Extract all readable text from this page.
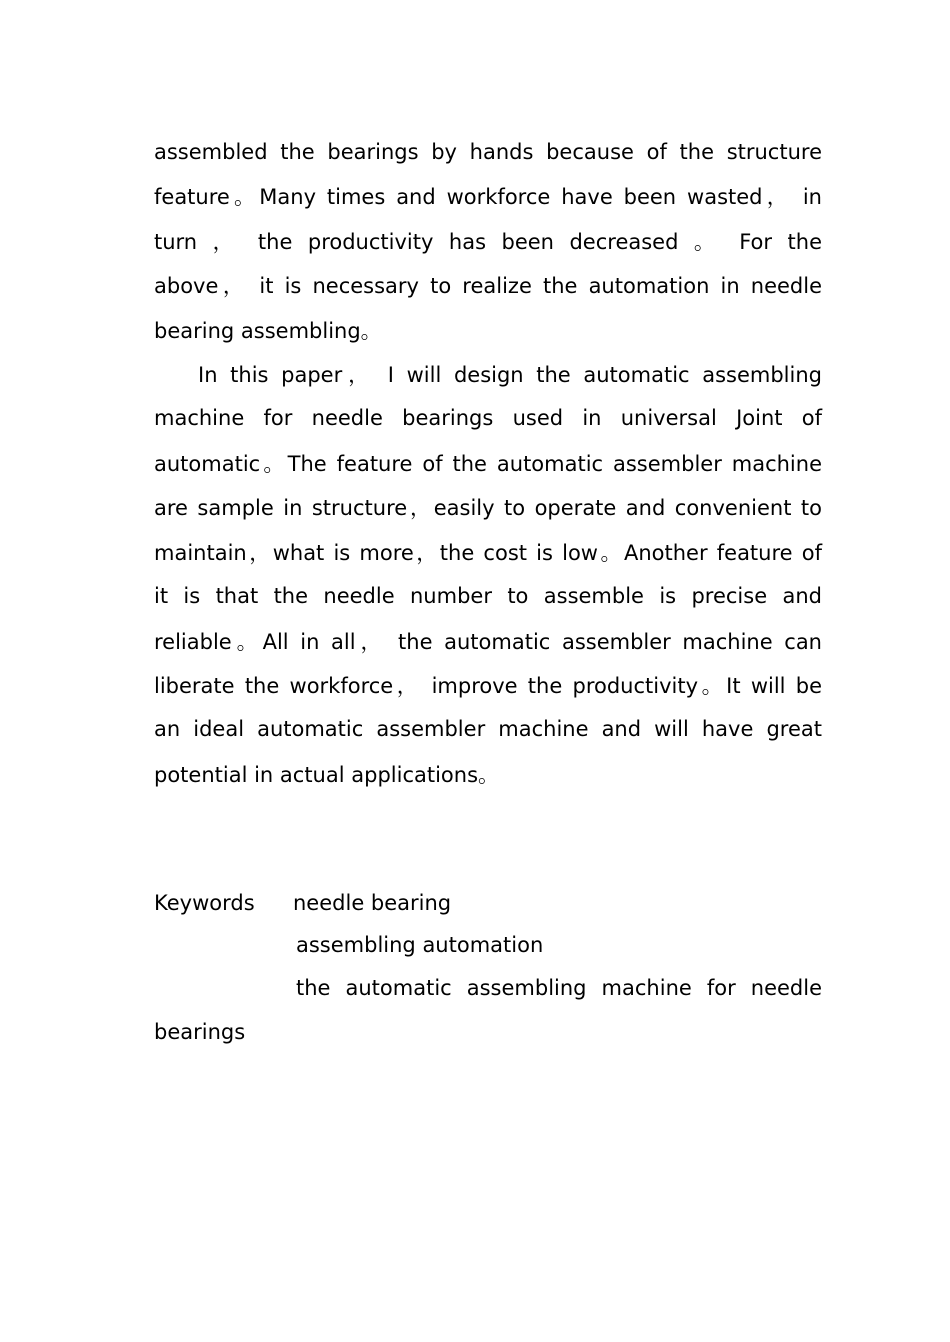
assembled the bearings by hands because of the structure
feature。Many times and workforce have been wasted， in
turn ， the productivity has been decreased 。 For the
above， it is necessary to realize the automation in needle
bearing assembling。
In this paper， I will design the automatic assembling
machine for needle bearings used in universal Joint of
automatic。The feature of the automatic assembler machine
are sample in structure，easily to operate and convenient to
maintain，what is more，the cost is low。Another feature of
it is that the needle number to assemble is precise and
reliable。All in all， the automatic assembler machine can
liberate the workforce， improve the productivity。It will be
an ideal automatic assembler machine and will have great
potential in actual applications。
Keywords needle bearing
assembling automation
the automatic assembling machine for needle
bearings
